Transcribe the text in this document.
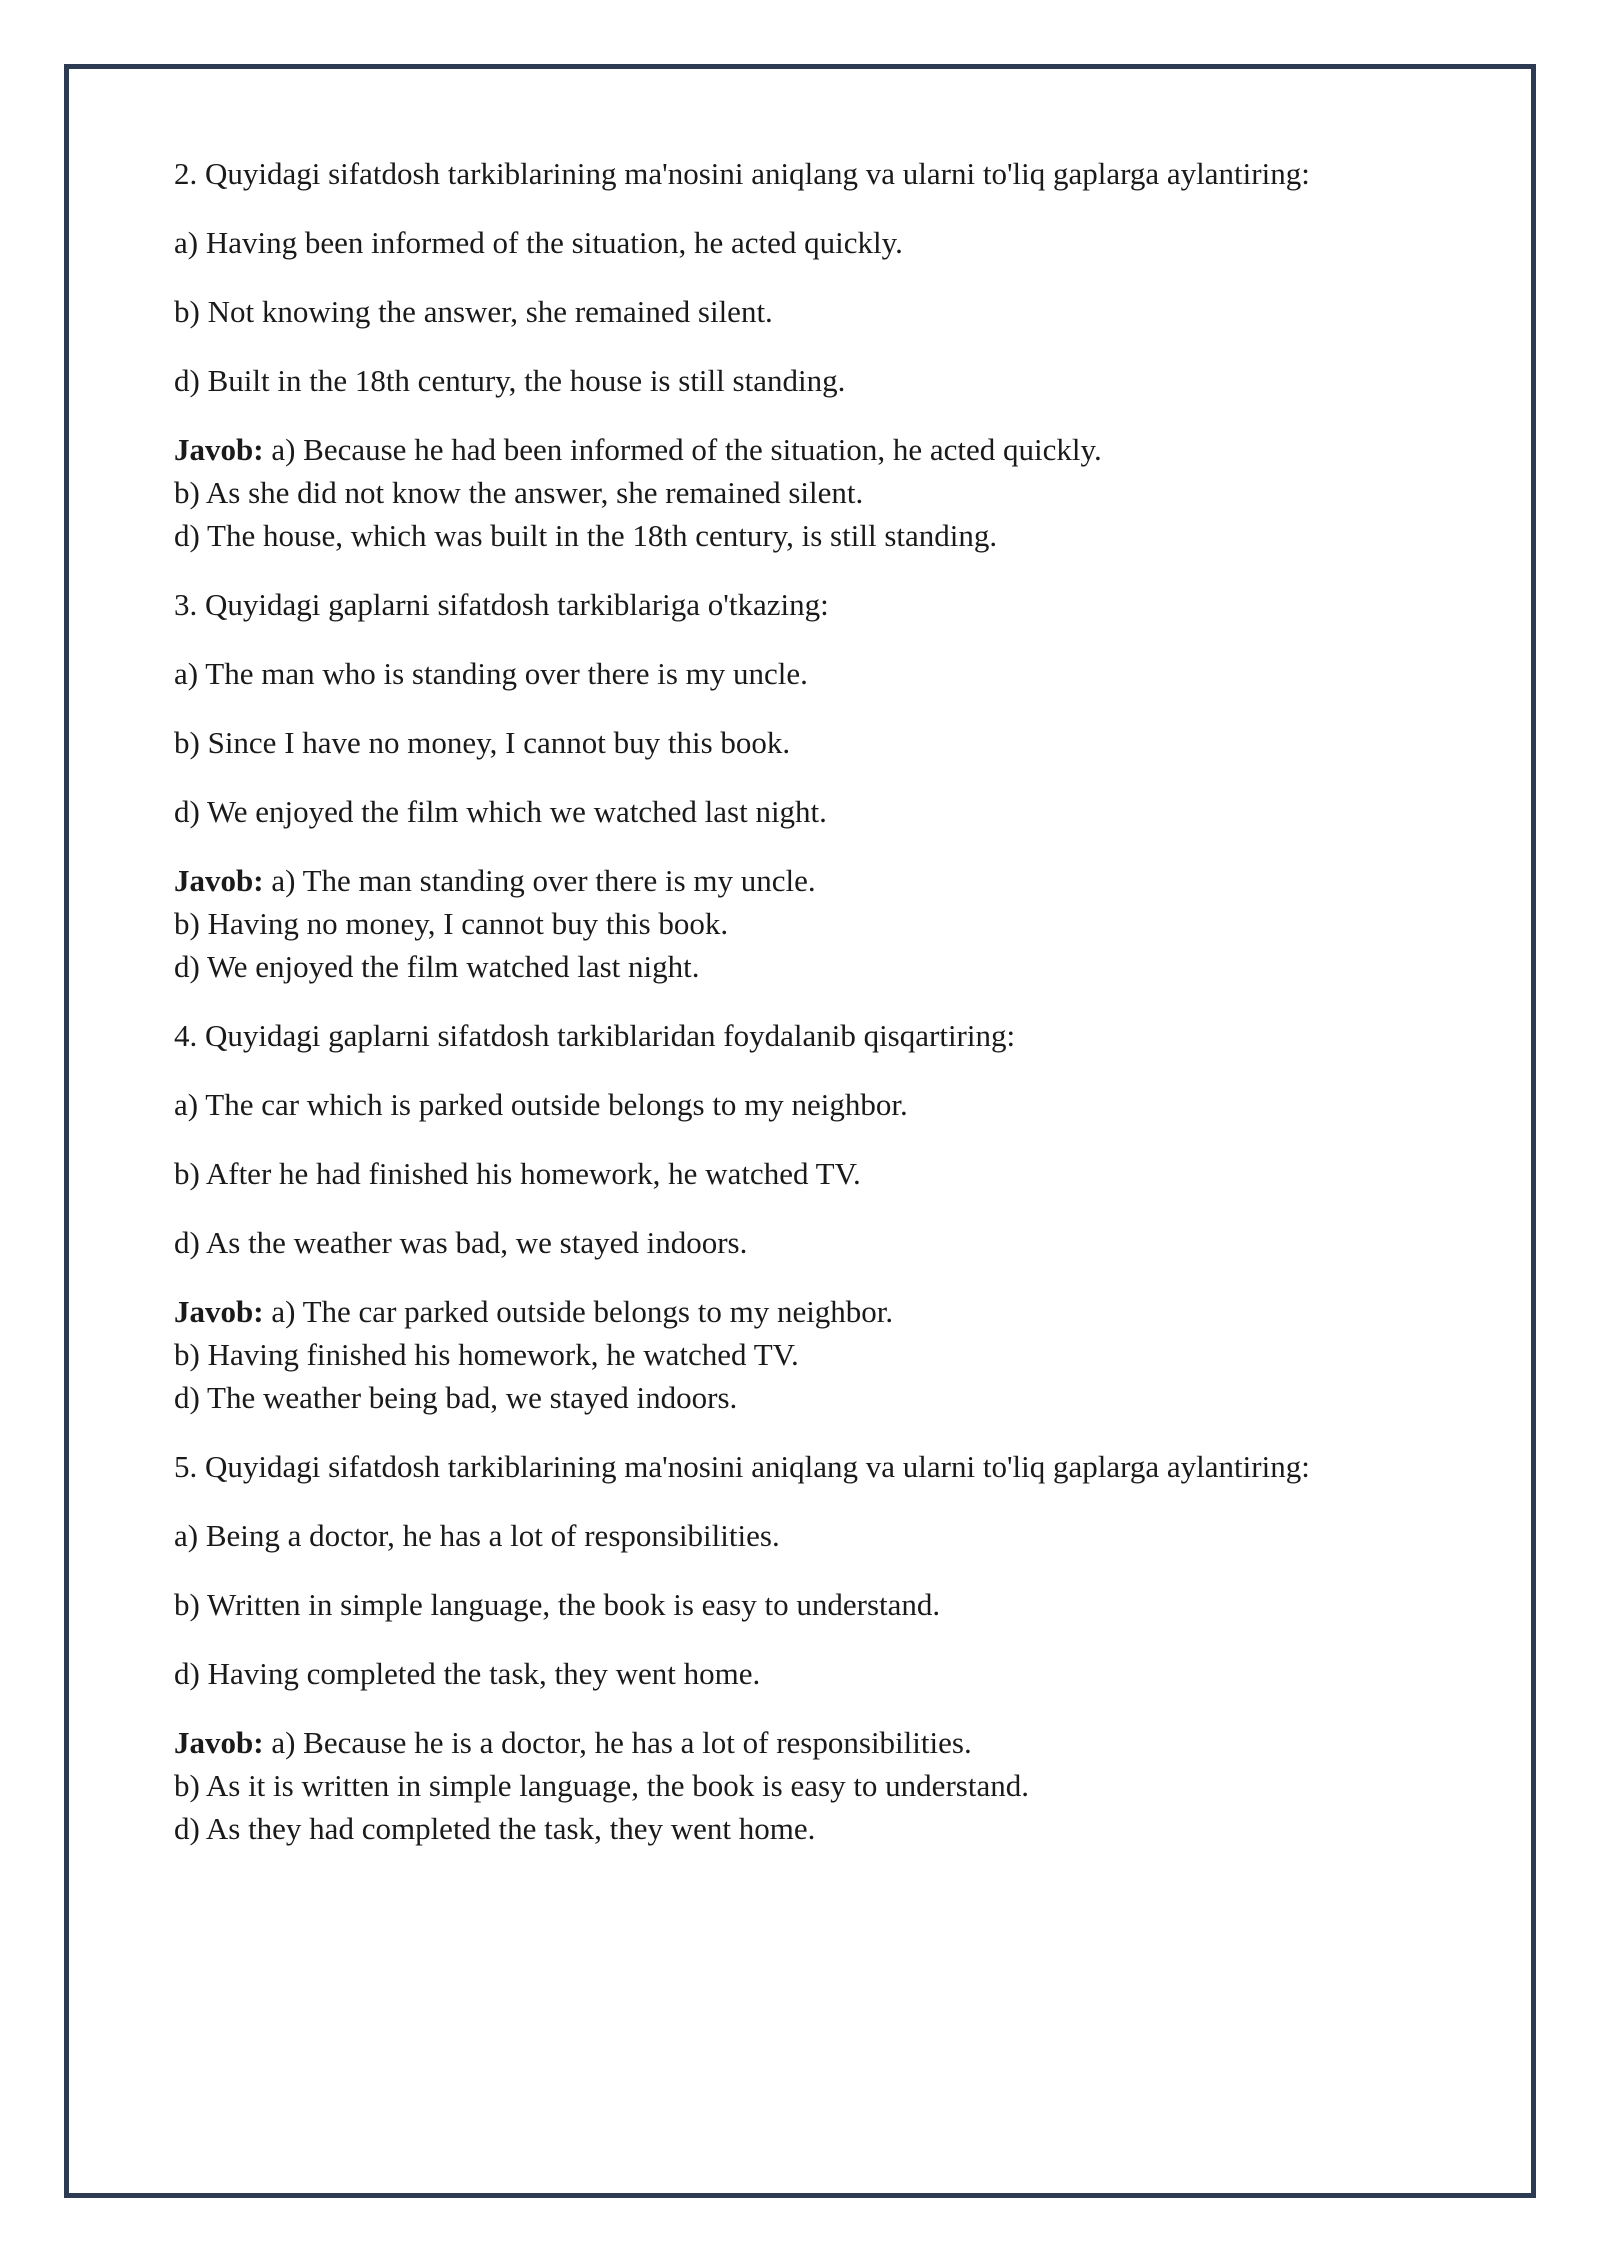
2. Quyidagi sifatdosh tarkiblarining ma'nosini aniqlang va ularni to'liq gaplarga aylantiring:

a) Having been informed of the situation, he acted quickly.

b) Not knowing the answer, she remained silent.

d) Built in the 18th century, the house is still standing.

Javob: a) Because he had been informed of the situation, he acted quickly.
b) As she did not know the answer, she remained silent.
d) The house, which was built in the 18th century, is still standing.

3. Quyidagi gaplarni sifatdosh tarkiblariga o'tkazing:

a) The man who is standing over there is my uncle.

b) Since I have no money, I cannot buy this book.

d) We enjoyed the film which we watched last night.

Javob: a) The man standing over there is my uncle.
b) Having no money, I cannot buy this book.
d) We enjoyed the film watched last night.

4. Quyidagi gaplarni sifatdosh tarkiblaridan foydalanib qisqartiring:

a) The car which is parked outside belongs to my neighbor.

b) After he had finished his homework, he watched TV.

d) As the weather was bad, we stayed indoors.

Javob: a) The car parked outside belongs to my neighbor.
b) Having finished his homework, he watched TV.
d) The weather being bad, we stayed indoors.

5. Quyidagi sifatdosh tarkiblarining ma'nosini aniqlang va ularni to'liq gaplarga aylantiring:

a) Being a doctor, he has a lot of responsibilities.

b) Written in simple language, the book is easy to understand.

d) Having completed the task, they went home.

Javob: a) Because he is a doctor, he has a lot of responsibilities.
b) As it is written in simple language, the book is easy to understand.
d) As they had completed the task, they went home.
